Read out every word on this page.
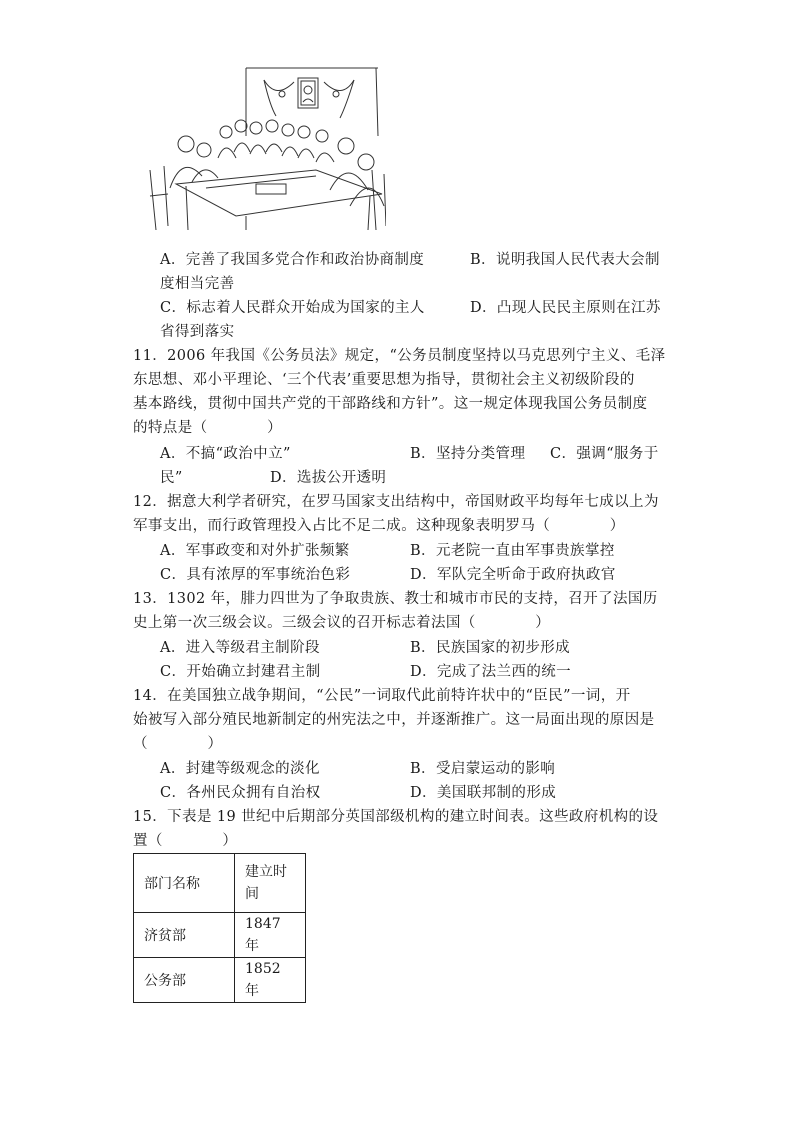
A．完善了我国多党合作和政治协商制度	B．说明我国人民代表大会制
度相当完善
C．标志着人民群众开始成为国家的主人	D．凸现人民民主原则在江苏
省得到落实
11．2006 年我国《公务员法》规定，“公务员制度坚持以马克思列宁主义、毛泽
东思想、邓小平理论、‘三个代表’重要思想为指导，贯彻社会主义初级阶段的
基本路线，贯彻中国共产党的干部路线和方针”。这一规定体现我国公务员制度
的特点是（　　　　）
A．不搞“政治中立”	B．坚持分类管理 C．强调“服务于
民”	D．选拔公开透明
12．据意大利学者研究，在罗马国家支出结构中，帝国财政平均每年七成以上为
军事支出，而行政管理投入占比不足二成。这种现象表明罗马（　　　　）
A．军事政变和对外扩张频繁	B．元老院一直由军事贵族掌控
C．具有浓厚的军事统治色彩	D．军队完全听命于政府执政官
13．1302 年，腓力四世为了争取贵族、教士和城市市民的支持，召开了法国历
史上第一次三级会议。三级会议的召开标志着法国（　　　　）
A．进入等级君主制阶段	B．民族国家的初步形成
C．开始确立封建君主制	D．完成了法兰西的统一
14．在美国独立战争期间，“公民”一词取代此前特许状中的“臣民”一词，开
始被写入部分殖民地新制定的州宪法之中，并逐渐推广。这一局面出现的原因是
（　　　　）
A．封建等级观念的淡化	B．受启蒙运动的影响
C．各州民众拥有自治权	D．美国联邦制的形成
15．下表是 19 世纪中后期部分英国部级机构的建立时间表。这些政府机构的设
置（　　　　）
部门名称	建立时
间
济贫部	1847 年
公务部	1852 年
